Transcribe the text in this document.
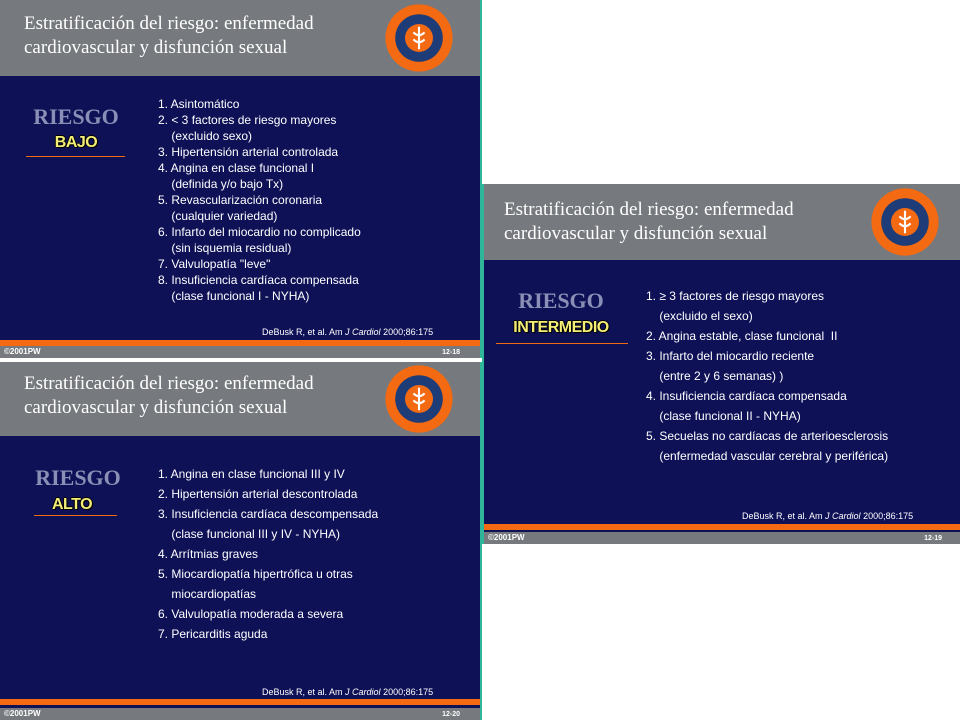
Estratificación del riesgo: enfermedad
cardiovascular y disfunción sexual
RIESGO
BAJO
1. Asintomático
2. < 3 factores de riesgo mayores
(excluido sexo)
3. Hipertensión arterial controlada
4. Angina en clase funcional I
(definida y/o bajo Tx)
5. Revascularización coronaria
(cualquier variedad)
6. Infarto del miocardio no complicado
(sin isquemia residual)
7. Valvulopatía "leve"
8. Insuficiencia cardíaca compensada
(clase funcional I - NYHA)
DeBusk R, et al. Am J Cardiol 2000;86:175
©2001PW	12-18
Estratificación del riesgo: enfermedad
cardiovascular y disfunción sexual
RIESGO
ALTO
1. Angina en clase funcional III y IV
2. Hipertensión arterial descontrolada
3. Insuficiencia cardíaca descompensada
(clase funcional III y IV - NYHA)
4. Arrítmias graves
5. Miocardiopatía hipertrófica u otras
miocardiopatías
6. Valvulopatía moderada a severa
7. Pericarditis aguda
DeBusk R, et al. Am J Cardiol 2000;86:175
©2001PW	12-20
Estratificación del riesgo: enfermedad
cardiovascular y disfunción sexual
RIESGO
INTERMEDIO
1. ≥ 3 factores de riesgo mayores
(excluido el sexo)
2. Angina estable, clase funcional  II
3. Infarto del miocardio reciente
(entre 2 y 6 semanas) )
4. Insuficiencia cardíaca compensada
(clase funcional II - NYHA)
5. Secuelas no cardíacas de arterioesclerosis
(enfermedad vascular cerebral y periférica)
DeBusk R, et al. Am J Cardiol 2000;86:175
©2001PW	12-19
